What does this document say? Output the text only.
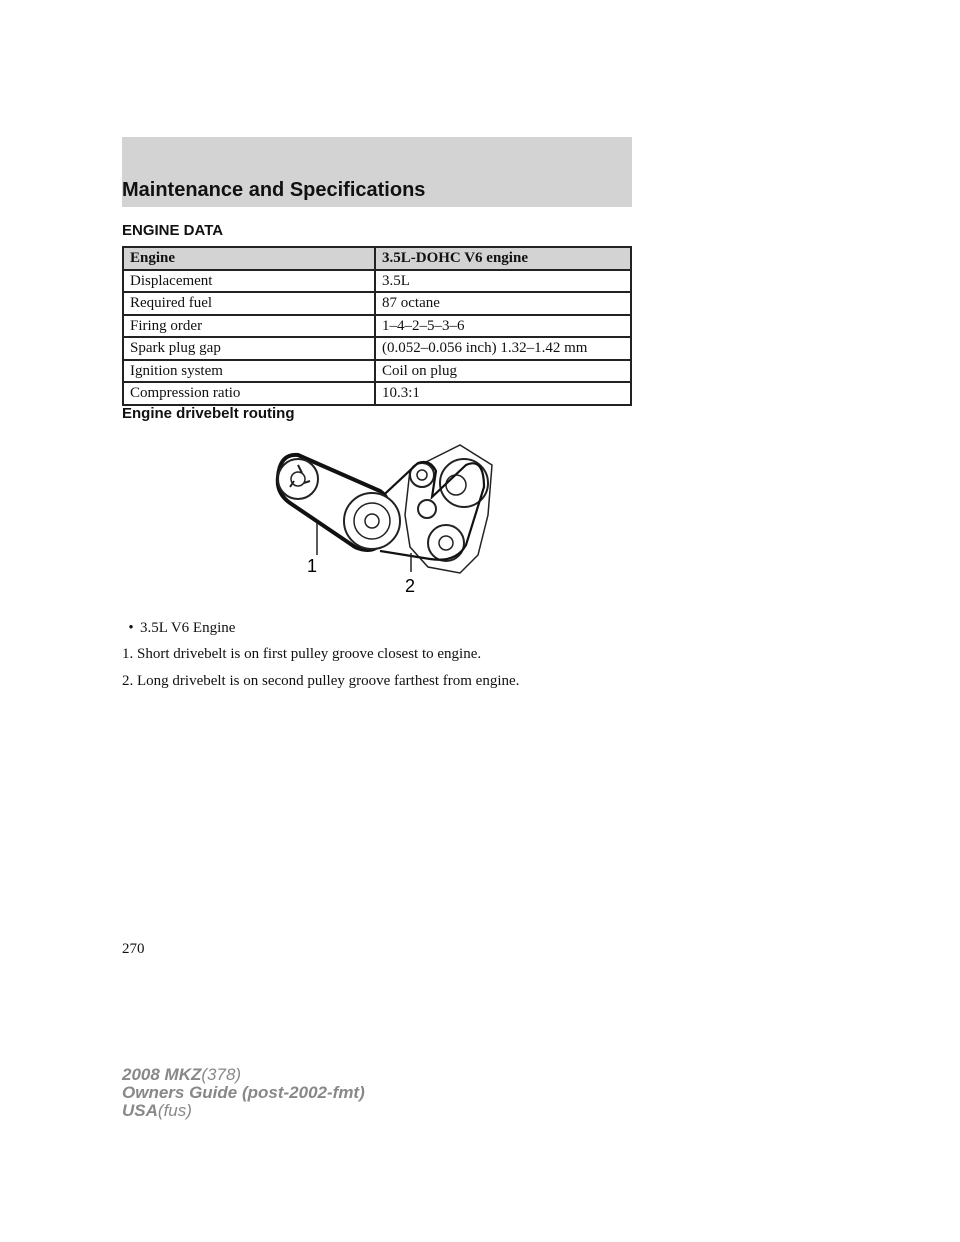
Maintenance and Specifications
ENGINE DATA
Engine	3.5L-DOHC V6 engine
Displacement	3.5L
Required fuel	87 octane
Firing order	1–4–2–5–3–6
Spark plug gap	(0.052–0.056 inch) 1.32–1.42 mm
Ignition system	Coil on plug
Compression ratio	10.3:1
Engine drivebelt routing
1
2
• 3.5L V6 Engine
1. Short drivebelt is on first pulley groove closest to engine.
2. Long drivebelt is on second pulley groove farthest from engine.
270
2008 MKZ(378)
Owners Guide (post-2002-fmt)
USA(fus)
